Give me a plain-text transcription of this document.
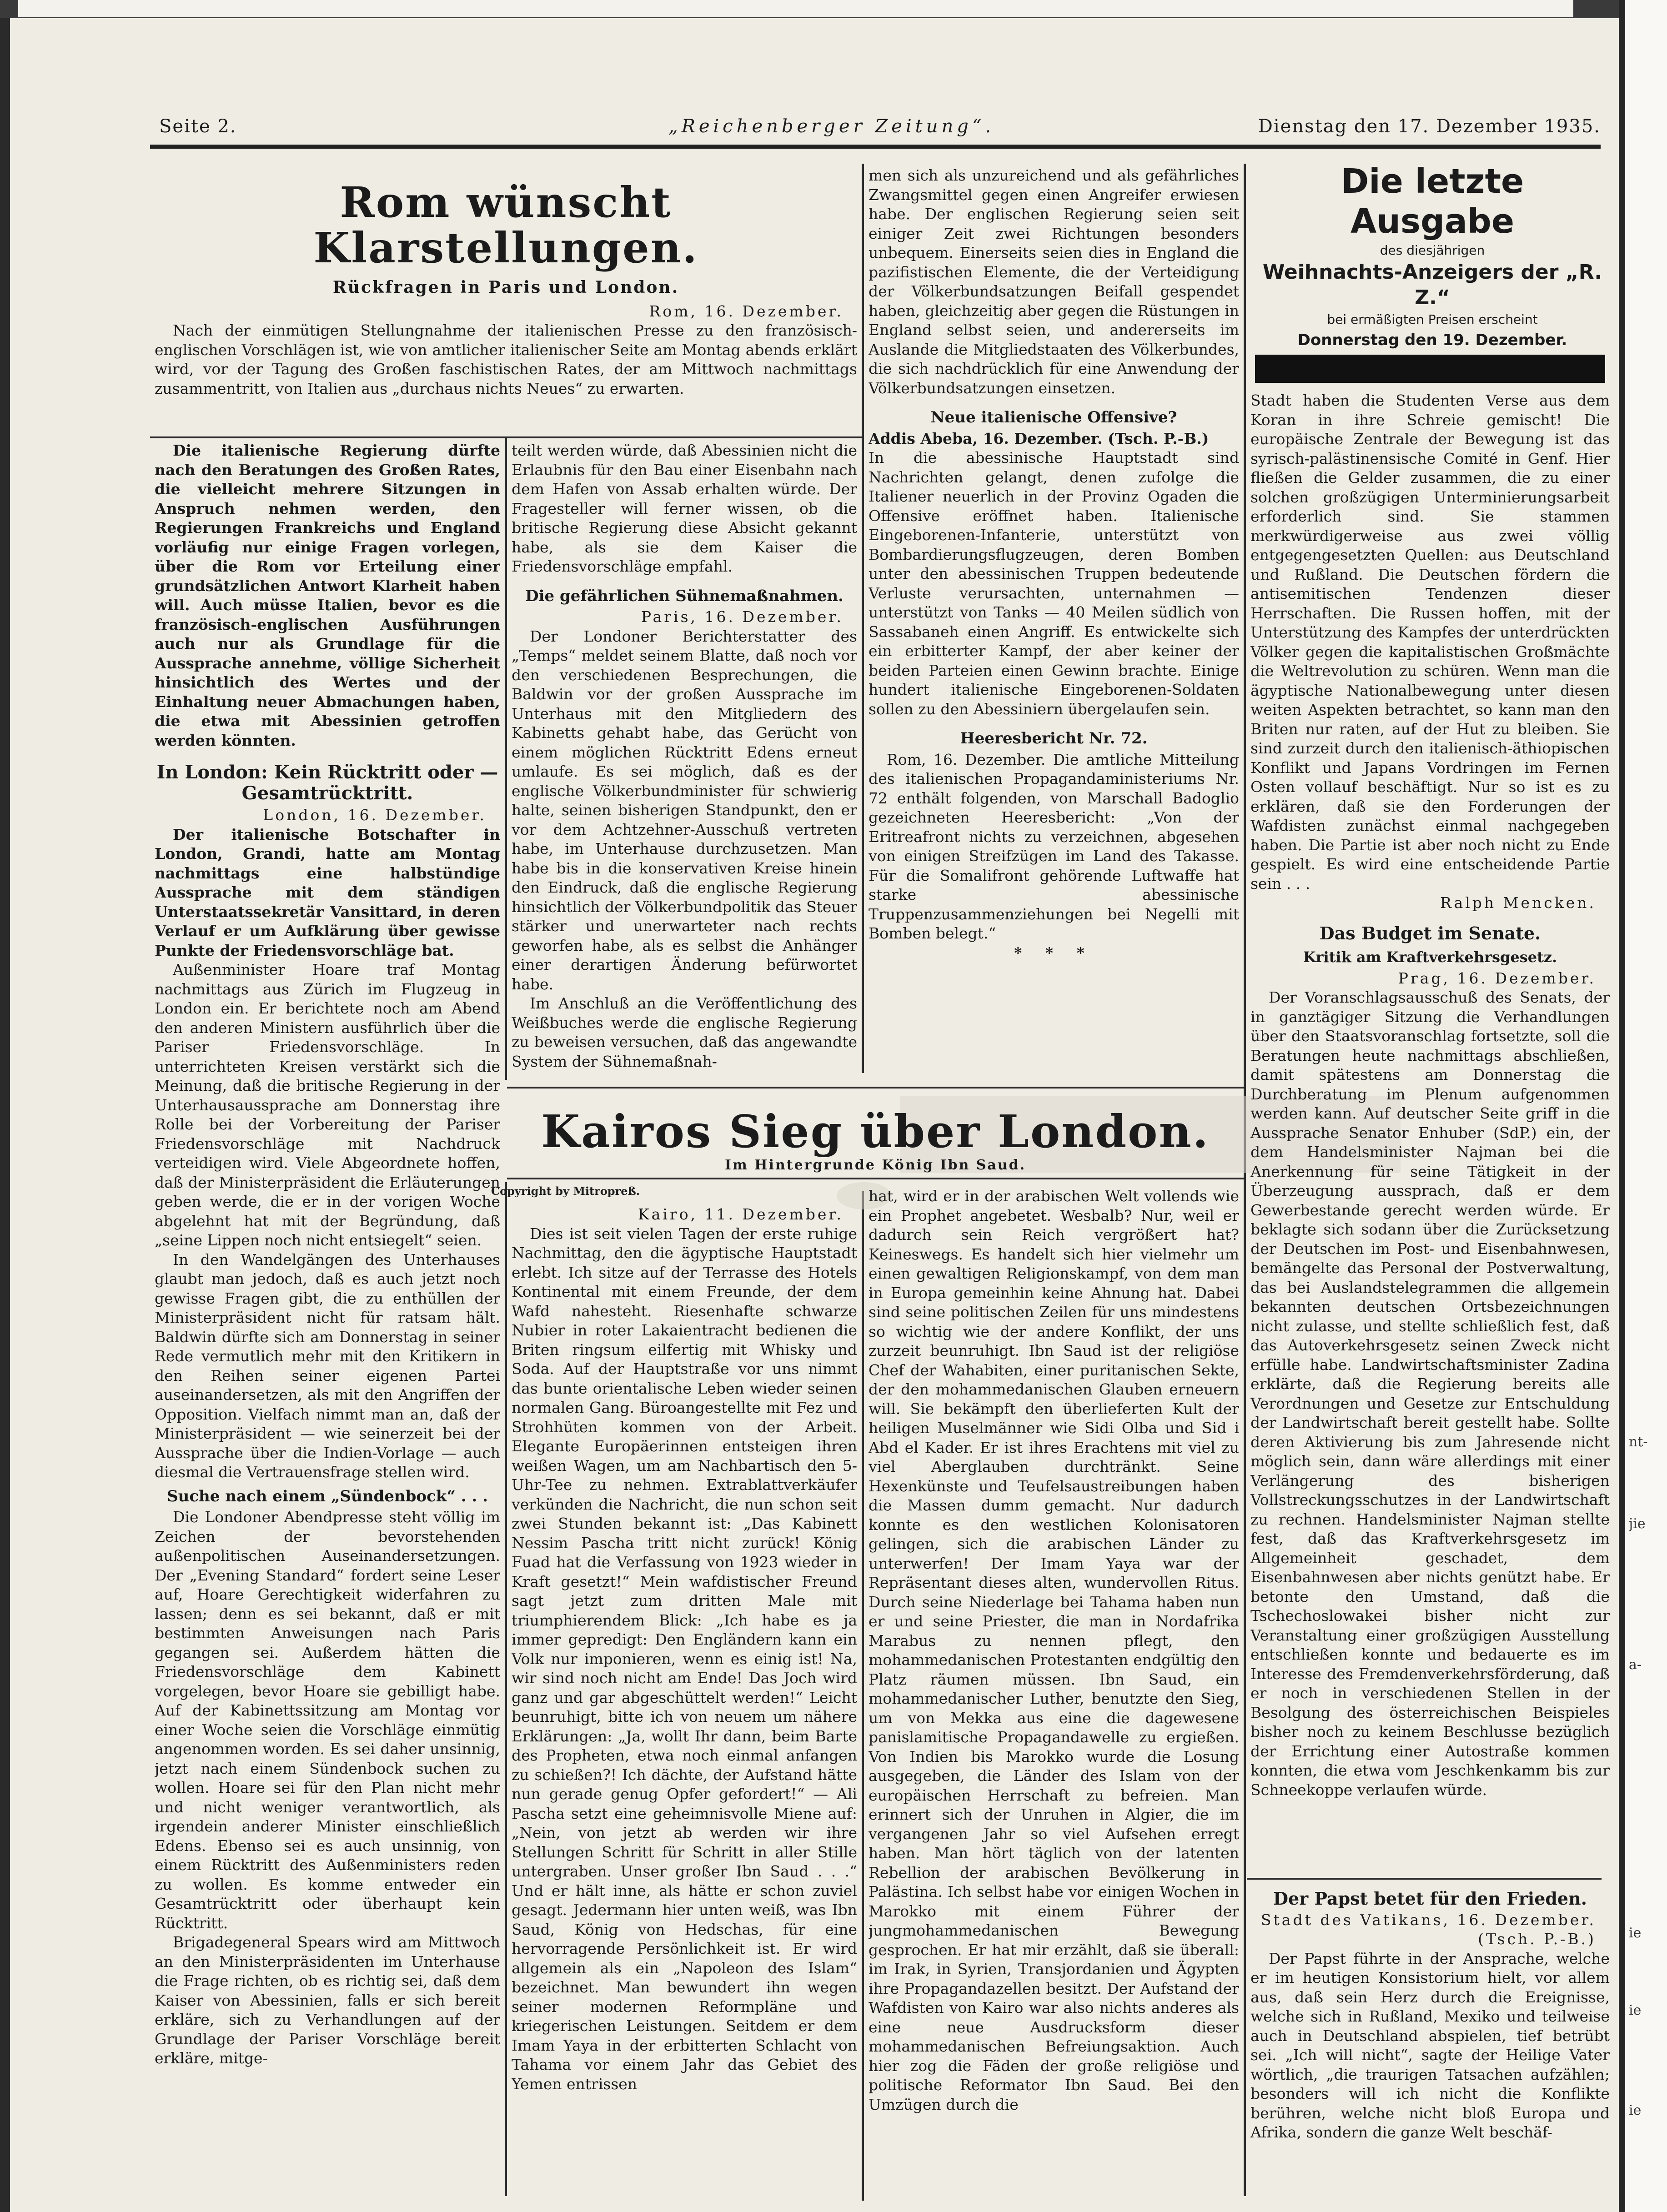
nt-
jie
a-
ie
ie
ie
Seite 2.	„Reichenberger Zeitung“.	Dienstag den 17. Dezember 1935.
Rom wünscht Klarstellungen.
Rückfragen in Paris und London.
Rom, 16. Dezember.

Nach der einmütigen Stellungnahme der italienischen Presse zu den französisch-englischen Vorschlägen ist, wie von amtlicher italienischer Seite am Montag abends erklärt wird, vor der Tagung des Großen faschistischen Rates, der am Mittwoch nachmittags zusammentritt, von Italien aus „durchaus nichts Neues“ zu erwarten.

Die italienische Regierung dürfte nach den Beratungen des Großen Rates, die vielleicht mehrere Sitzungen in Anspruch nehmen werden, den Regierungen Frankreichs und England vorläufig nur einige Fragen vorlegen, über die Rom vor Erteilung einer grundsätzlichen Antwort Klarheit haben will. Auch müsse Italien, bevor es die französisch-englischen Ausführungen auch nur als Grundlage für die Aussprache annehme, völlige Sicherheit hinsichtlich des Wertes und der Einhaltung neuer Abmachungen haben, die etwa mit Abessinien getroffen werden könnten.

In London: Kein Rücktritt oder — Gesamtrücktritt.
London, 16. Dezember.

Der italienische Botschafter in London, Grandi, hatte am Montag nachmittags eine halbstündige Aussprache mit dem ständigen Unterstaatssekretär Vansittard, in deren Verlauf er um Aufklärung über gewisse Punkte der Friedensvorschläge bat.

Außenminister Hoare traf Montag nachmittags aus Zürich im Flugzeug in London ein. Er berichtete noch am Abend den anderen Ministern ausführlich über die Pariser Friedensvorschläge. In unterrichteten Kreisen verstärkt sich die Meinung, daß die britische Regierung in der Unterhausaussprache am Donnerstag ihre Rolle bei der Vorbereitung der Pariser Friedensvorschläge mit Nachdruck verteidigen wird. Viele Abgeordnete hoffen, daß der Ministerpräsident die Erläuterungen geben werde, die er in der vorigen Woche abgelehnt hat mit der Begründung, daß „seine Lippen noch nicht entsiegelt“ seien.

In den Wandelgängen des Unterhauses glaubt man jedoch, daß es auch jetzt noch gewisse Fragen gibt, die zu enthüllen der Ministerpräsident nicht für ratsam hält. Baldwin dürfte sich am Donnerstag in seiner Rede vermutlich mehr mit den Kritikern in den Reihen seiner eigenen Partei auseinandersetzen, als mit den Angriffen der Opposition. Vielfach nimmt man an, daß der Ministerpräsident — wie seinerzeit bei der Aussprache über die Indien-Vorlage — auch diesmal die Vertrauensfrage stellen wird.

Suche nach einem „Sündenbock“ . . .

Die Londoner Abendpresse steht völlig im Zeichen der bevorstehenden außenpolitischen Auseinandersetzungen. Der „Evening Standard“ fordert seine Leser auf, Hoare Gerechtigkeit widerfahren zu lassen; denn es sei bekannt, daß er mit bestimmten Anweisungen nach Paris gegangen sei. Außerdem hätten die Friedensvorschläge dem Kabinett vorgelegen, bevor Hoare sie gebilligt habe. Auf der Kabinettssitzung am Montag vor einer Woche seien die Vorschläge einmütig angenommen worden. Es sei daher unsinnig, jetzt nach einem Sündenbock suchen zu wollen. Hoare sei für den Plan nicht mehr und nicht weniger verantwortlich, als irgendein anderer Minister einschließlich Edens. Ebenso sei es auch unsinnig, von einem Rücktritt des Außenministers reden zu wollen. Es komme entweder ein Gesamtrücktritt oder überhaupt kein Rücktritt.

Brigadegeneral Spears wird am Mittwoch an den Ministerpräsidenten im Unterhause die Frage richten, ob es richtig sei, daß dem Kaiser von Abessinien, falls er sich bereit erkläre, sich zu Verhandlungen auf der Grundlage der Pariser Vorschläge bereit erkläre, mitge-

teilt werden würde, daß Abessinien nicht die Erlaubnis für den Bau einer Eisenbahn nach dem Hafen von Assab erhalten würde. Der Fragesteller will ferner wissen, ob die britische Regierung diese Absicht gekannt habe, als sie dem Kaiser die Friedensvorschläge empfahl.

Die gefährlichen Sühnemaßnahmen.
Paris, 16. Dezember.

Der Londoner Berichterstatter des „Temps“ meldet seinem Blatte, daß noch vor den verschiedenen Besprechungen, die Baldwin vor der großen Aussprache im Unterhaus mit den Mitgliedern des Kabinetts gehabt habe, das Gerücht von einem möglichen Rücktritt Edens erneut umlaufe. Es sei möglich, daß es der englische Völkerbundminister für schwierig halte, seinen bisherigen Standpunkt, den er vor dem Achtzehner-Ausschuß vertreten habe, im Unterhause durchzusetzen. Man habe bis in die konservativen Kreise hinein den Eindruck, daß die englische Regierung hinsichtlich der Völkerbundpolitik das Steuer stärker und unerwarteter nach rechts geworfen habe, als es selbst die Anhänger einer derartigen Änderung befürwortet habe.

Im Anschluß an die Veröffentlichung des Weißbuches werde die englische Regierung zu beweisen versuchen, daß das angewandte System der Sühnemaßnah-

men sich als unzureichend und als gefährliches Zwangsmittel gegen einen Angreifer erwiesen habe. Der englischen Regierung seien seit einiger Zeit zwei Richtungen besonders unbequem. Einerseits seien dies in England die pazifistischen Elemente, die der Verteidigung der Völkerbundsatzungen Beifall gespendet haben, gleichzeitig aber gegen die Rüstungen in England selbst seien, und andererseits im Auslande die Mitgliedstaaten des Völkerbundes, die sich nachdrücklich für eine Anwendung der Völkerbundsatzungen einsetzen.

Neue italienische Offensive?

Addis Abeba, 16. Dezember. (Tsch. P.-B.)

In die abessinische Hauptstadt sind Nachrichten gelangt, denen zufolge die Italiener neuerlich in der Provinz Ogaden die Offensive eröffnet haben. Italienische Eingeborenen-Infanterie, unterstützt von Bombardierungsflugzeugen, deren Bomben unter den abessinischen Truppen bedeutende Verluste verursachten, unternahmen — unterstützt von Tanks — 40 Meilen südlich von Sassabaneh einen Angriff. Es entwickelte sich ein erbitterter Kampf, der aber keiner der beiden Parteien einen Gewinn brachte. Einige hundert italienische Eingeborenen-Soldaten sollen zu den Abessiniern übergelaufen sein.

Heeresbericht Nr. 72.

Rom, 16. Dezember. Die amtliche Mitteilung des italienischen Propagandaministeriums Nr. 72 enthält folgenden, von Marschall Badoglio gezeichneten Heeresbericht: „Von der Eritreafront nichts zu verzeichnen, abgesehen von einigen Streifzügen im Land des Takasse. Für die Somalifront gehörende Luftwaffe hat starke abessinische Truppenzusammenziehungen bei Negelli mit Bomben belegt.“

* * *
Kairos Sieg über London.
Im Hintergrunde König Ibn Saud.
Copyright by Mitropreß.
Kairo, 11. Dezember.

Dies ist seit vielen Tagen der erste ruhige Nachmittag, den die ägyptische Hauptstadt erlebt. Ich sitze auf der Terrasse des Hotels Kontinental mit einem Freunde, der dem Wafd nahesteht. Riesenhafte schwarze Nubier in roter Lakaientracht bedienen die Briten ringsum eilfertig mit Whisky und Soda. Auf der Hauptstraße vor uns nimmt das bunte orientalische Leben wieder seinen normalen Gang. Büroangestellte mit Fez und Strohhüten kommen von der Arbeit. Elegante Europäerinnen entsteigen ihren weißen Wagen, um am Nachbartisch den 5-Uhr-Tee zu nehmen. Extrablattverkäufer verkünden die Nachricht, die nun schon seit zwei Stunden bekannt ist: „Das Kabinett Nessim Pascha tritt nicht zurück! König Fuad hat die Verfassung von 1923 wieder in Kraft gesetzt!“ Mein wafdistischer Freund sagt jetzt zum dritten Male mit triumphierendem Blick: „Ich habe es ja immer gepredigt: Den Engländern kann ein Volk nur imponieren, wenn es einig ist! Na, wir sind noch nicht am Ende! Das Joch wird ganz und gar abgeschüttelt werden!“ Leicht beunruhigt, bitte ich von neuem um nähere Erklärungen: „Ja, wollt Ihr dann, beim Barte des Propheten, etwa noch einmal anfangen zu schießen?! Ich dächte, der Aufstand hätte nun gerade genug Opfer gefordert!“ — Ali Pascha setzt eine geheimnisvolle Miene auf: „Nein, von jetzt ab werden wir ihre Stellungen Schritt für Schritt in aller Stille untergraben. Unser großer Ibn Saud . . .“ Und er hält inne, als hätte er schon zuviel gesagt. Jedermann hier unten weiß, was Ibn Saud, König von Hedschas, für eine hervorragende Persönlichkeit ist. Er wird allgemein als ein „Napoleon des Islam“ bezeichnet. Man bewundert ihn wegen seiner modernen Reformpläne und kriegerischen Leistungen. Seitdem er dem Imam Yaya in der erbitterten Schlacht von Tahama vor einem Jahr das Gebiet des Yemen entrissen

hat, wird er in der arabischen Welt vollends wie ein Prophet angebetet. Wesbalb? Nur, weil er dadurch sein Reich vergrößert hat? Keineswegs. Es handelt sich hier vielmehr um einen gewaltigen Religionskampf, von dem man in Europa gemeinhin keine Ahnung hat. Dabei sind seine politischen Zeilen für uns mindestens so wichtig wie der andere Konflikt, der uns zurzeit beunruhigt. Ibn Saud ist der religiöse Chef der Wahabiten, einer puritanischen Sekte, der den mohammedanischen Glauben erneuern will. Sie bekämpft den überlieferten Kult der heiligen Muselmänner wie Sidi Olba und Sid i Abd el Kader. Er ist ihres Erachtens mit viel zu viel Aberglauben durchtränkt. Seine Hexenkünste und Teufelsaustreibungen haben die Massen dumm gemacht. Nur dadurch konnte es den westlichen Kolonisatoren gelingen, sich die arabischen Länder zu unterwerfen! Der Imam Yaya war der Repräsentant dieses alten, wundervollen Ritus. Durch seine Niederlage bei Tahama haben nun er und seine Priester, die man in Nordafrika Marabus zu nennen pflegt, den mohammedanischen Protestanten endgültig den Platz räumen müssen. Ibn Saud, ein mohammedanischer Luther, benutzte den Sieg, um von Mekka aus eine die dagewesene panislamitische Propagandawelle zu ergießen. Von Indien bis Marokko wurde die Losung ausgegeben, die Länder des Islam von der europäischen Herrschaft zu befreien. Man erinnert sich der Unruhen in Algier, die im vergangenen Jahr so viel Aufsehen erregt haben. Man hört täglich von der latenten Rebellion der arabischen Bevölkerung in Palästina. Ich selbst habe vor einigen Wochen in Marokko mit einem Führer der jungmohammedanischen Bewegung gesprochen. Er hat mir erzählt, daß sie überall: im Irak, in Syrien, Transjordanien und Ägypten ihre Propagandazellen besitzt. Der Aufstand der Wafdisten von Kairo war also nichts anderes als eine neue Ausdrucksform dieser mohammedanischen Befreiungsaktion. Auch hier zog die Fäden der große religiöse und politische Reformator Ibn Saud. Bei den Umzügen durch die

Die letzte Ausgabe
des diesjährigen
Weihnachts-Anzeigers der „R. Z.“
bei ermäßigten Preisen erscheint
Donnerstag den 19. Dezember.

Stadt haben die Studenten Verse aus dem Koran in ihre Schreie gemischt! Die europäische Zentrale der Bewegung ist das syrisch-palästinensische Comité in Genf. Hier fließen die Gelder zusammen, die zu einer solchen großzügigen Unterminierungsarbeit erforderlich sind. Sie stammen merkwürdigerweise aus zwei völlig entgegengesetzten Quellen: aus Deutschland und Rußland. Die Deutschen fördern die antisemitischen Tendenzen dieser Herrschaften. Die Russen hoffen, mit der Unterstützung des Kampfes der unterdrückten Völker gegen die kapitalistischen Großmächte die Weltrevolution zu schüren. Wenn man die ägyptische Nationalbewegung unter diesen weiten Aspekten betrachtet, so kann man den Briten nur raten, auf der Hut zu bleiben. Sie sind zurzeit durch den italienisch-äthiopischen Konflikt und Japans Vordringen im Fernen Osten vollauf beschäftigt. Nur so ist es zu erklären, daß sie den Forderungen der Wafdisten zunächst einmal nachgegeben haben. Die Partie ist aber noch nicht zu Ende gespielt. Es wird eine entscheidende Partie sein . . .

Ralph Mencken.
Das Budget im Senate.
Kritik am Kraftverkehrsgesetz.
Prag, 16. Dezember.

Der Voranschlagsausschuß des Senats, der in ganztägiger Sitzung die Verhandlungen über den Staatsvoranschlag fortsetzte, soll die Beratungen heute nachmittags abschließen, damit spätestens am Donnerstag die Durchberatung im Plenum aufgenommen werden kann. Auf deutscher Seite griff in die Aussprache Senator Enhuber (SdP.) ein, der dem Handelsminister Najman bei die Anerkennung für seine Tätigkeit in der Überzeugung aussprach, daß er dem Gewerbestande gerecht werden würde. Er beklagte sich sodann über die Zurücksetzung der Deutschen im Post- und Eisenbahnwesen, bemängelte das Personal der Postverwaltung, das bei Auslandstelegrammen die allgemein bekannten deutschen Ortsbezeichnungen nicht zulasse, und stellte schließlich fest, daß das Autoverkehrsgesetz seinen Zweck nicht erfülle habe. Landwirtschaftsminister Zadina erklärte, daß die Regierung bereits alle Verordnungen und Gesetze zur Entschuldung der Landwirtschaft bereit gestellt habe. Sollte deren Aktivierung bis zum Jahresende nicht möglich sein, dann wäre allerdings mit einer Verlängerung des bisherigen Vollstreckungsschutzes in der Landwirtschaft zu rechnen. Handelsminister Najman stellte fest, daß das Kraftverkehrsgesetz im Allgemeinheit geschadet, dem Eisenbahnwesen aber nichts genützt habe. Er betonte den Umstand, daß die Tschechoslowakei bisher nicht zur Veranstaltung einer großzügigen Ausstellung entschließen konnte und bedauerte es im Interesse des Fremdenverkehrsförderung, daß er noch in verschiedenen Stellen in der Besolgung des österreichischen Beispieles bisher noch zu keinem Beschlusse bezüglich der Errichtung einer Autostraße kommen konnten, die etwa vom Jeschkenkamm bis zur Schneekoppe verlaufen würde.

Der Papst betet für den Frieden.
Stadt des Vatikans, 16. Dezember. (Tsch. P.-B.)

Der Papst führte in der Ansprache, welche er im heutigen Konsistorium hielt, vor allem aus, daß sein Herz durch die Ereignisse, welche sich in Rußland, Mexiko und teilweise auch in Deutschland abspielen, tief betrübt sei. „Ich will nicht“, sagte der Heilige Vater wörtlich, „die traurigen Tatsachen aufzählen; besonders will ich nicht die Konflikte berühren, welche nicht bloß Europa und Afrika, sondern die ganze Welt beschäf-
